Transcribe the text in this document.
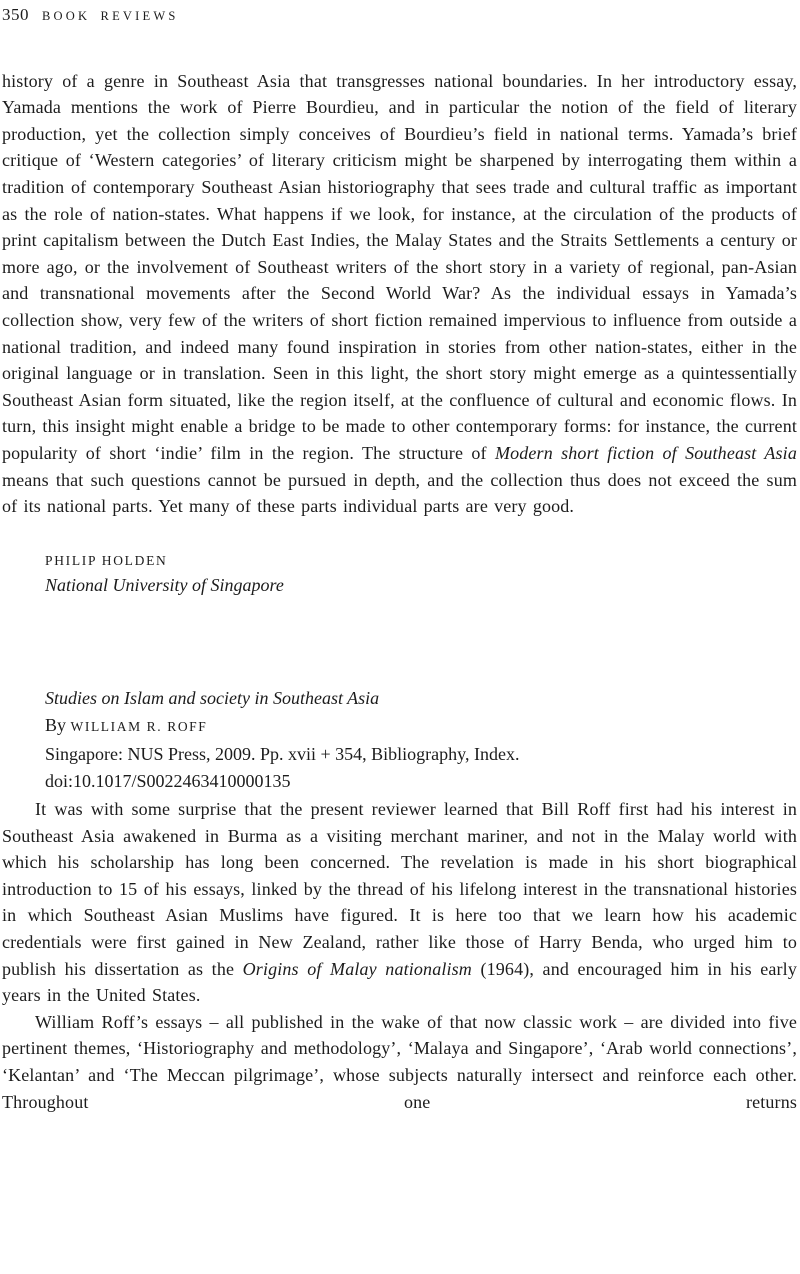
350 BOOK REVIEWS

history of a genre in Southeast Asia that transgresses national boundaries. In her introductory essay, Yamada mentions the work of Pierre Bourdieu, and in particular the notion of the field of literary production, yet the collection simply conceives of Bourdieu’s field in national terms. Yamada’s brief critique of ‘Western categories’ of literary criticism might be sharpened by interrogating them within a tradition of contemporary Southeast Asian historiography that sees trade and cultural traffic as important as the role of nation-states. What happens if we look, for instance, at the circulation of the products of print capitalism between the Dutch East Indies, the Malay States and the Straits Settlements a century or more ago, or the involvement of Southeast writers of the short story in a variety of regional, pan-Asian and transnational movements after the Second World War? As the individual essays in Yamada’s collection show, very few of the writers of short fiction remained impervious to influence from outside a national tradition, and indeed many found inspiration in stories from other nation-states, either in the original language or in translation. Seen in this light, the short story might emerge as a quintessentially Southeast Asian form situated, like the region itself, at the confluence of cultural and economic flows. In turn, this insight might enable a bridge to be made to other contemporary forms: for instance, the current popularity of short ‘indie’ film in the region. The structure of Modern short fiction of Southeast Asia means that such questions cannot be pursued in depth, and the collection thus does not exceed the sum of its national parts. Yet many of these parts individual parts are very good.

PHILIP HOLDEN
National University of Singapore
Studies on Islam and society in Southeast Asia
By WILLIAM R. ROFF
Singapore: NUS Press, 2009. Pp. xvii + 354, Bibliography, Index.
doi:10.1017/S0022463410000135

It was with some surprise that the present reviewer learned that Bill Roff first had his interest in Southeast Asia awakened in Burma as a visiting merchant mariner, and not in the Malay world with which his scholarship has long been concerned. The revelation is made in his short biographical introduction to 15 of his essays, linked by the thread of his lifelong interest in the transnational histories in which Southeast Asian Muslims have figured. It is here too that we learn how his academic credentials were first gained in New Zealand, rather like those of Harry Benda, who urged him to publish his dissertation as the Origins of Malay nationalism (1964), and encouraged him in his early years in the United States.

William Roff’s essays – all published in the wake of that now classic work – are divided into five pertinent themes, ‘Historiography and methodology’, ‘Malaya and Singapore’, ‘Arab world connections’, ‘Kelantan’ and ‘The Meccan pilgrimage’, whose subjects naturally intersect and reinforce each other. Throughout one returns
